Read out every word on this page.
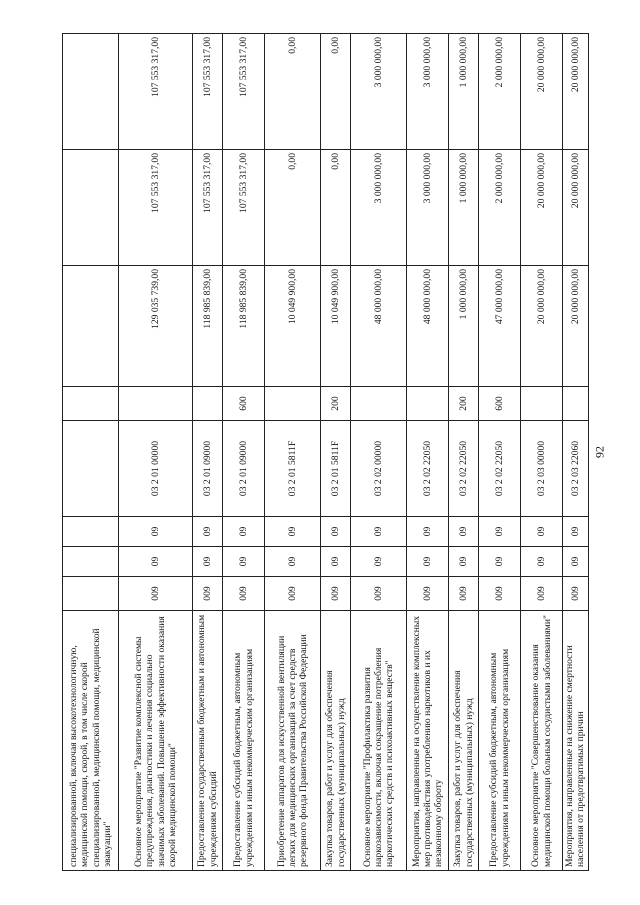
92
специализированной, включая высокотехнологичную, медицинской помощи, скорой, в том числе скорой специализированной, медицинской помощи, медицинской эвакуации"								
Основное мероприятие "Развитие комплексной системы предупреждения, диагностики и лечения социально значимых заболеваний. Повышение эффективности оказания скорой медицинской помощи"	009	09	09	03 2 01 00000		129 035 739,00	107 553 317,00	107 553 317,00
Предоставление государственным бюджетным и автономным учреждениям субсидий	009	09	09	03 2 01 09000		118 985 839,00	107 553 317,00	107 553 317,00
Предоставление субсидий бюджетным, автономным учреждениям и иным некоммерческим организациям	009	09	09	03 2 01 09000	600	118 985 839,00	107 553 317,00	107 553 317,00
Приобретение аппаратов для искусственной вентиляции легких для медицинских организаций за счет средств резервного фонда Правительства Российской Федерации	009	09	09	03 2 01 5811F		10 049 900,00	0,00	0,00
Закупка товаров, работ и услуг для обеспечения государственных (муниципальных) нужд	009	09	09	03 2 01 5811F	200	10 049 900,00	0,00	0,00
Основное мероприятие "Профилактика развития наркозависимости, включая сокращение потребления наркотических средств и психоактивных веществ"	009	09	09	03 2 02 00000		48 000 000,00	3 000 000,00	3 000 000,00
Мероприятия, направленные на осуществление комплексных мер противодействия употреблению наркотиков и их незаконному обороту	009	09	09	03 2 02 22050		48 000 000,00	3 000 000,00	3 000 000,00
Закупка товаров, работ и услуг для обеспечения государственных (муниципальных) нужд	009	09	09	03 2 02 22050	200	1 000 000,00	1 000 000,00	1 000 000,00
Предоставление субсидий бюджетным, автономным учреждениям и иным некоммерческим организациям	009	09	09	03 2 02 22050	600	47 000 000,00	2 000 000,00	2 000 000,00
Основное мероприятие "Совершенствование оказания медицинской помощи больным сосудистыми заболеваниями"	009	09	09	03 2 03 00000		20 000 000,00	20 000 000,00	20 000 000,00
Мероприятия, направленные на снижение смертности населения от предотвратимых причин	009	09	09	03 2 03 22060		20 000 000,00	20 000 000,00	20 000 000,00
